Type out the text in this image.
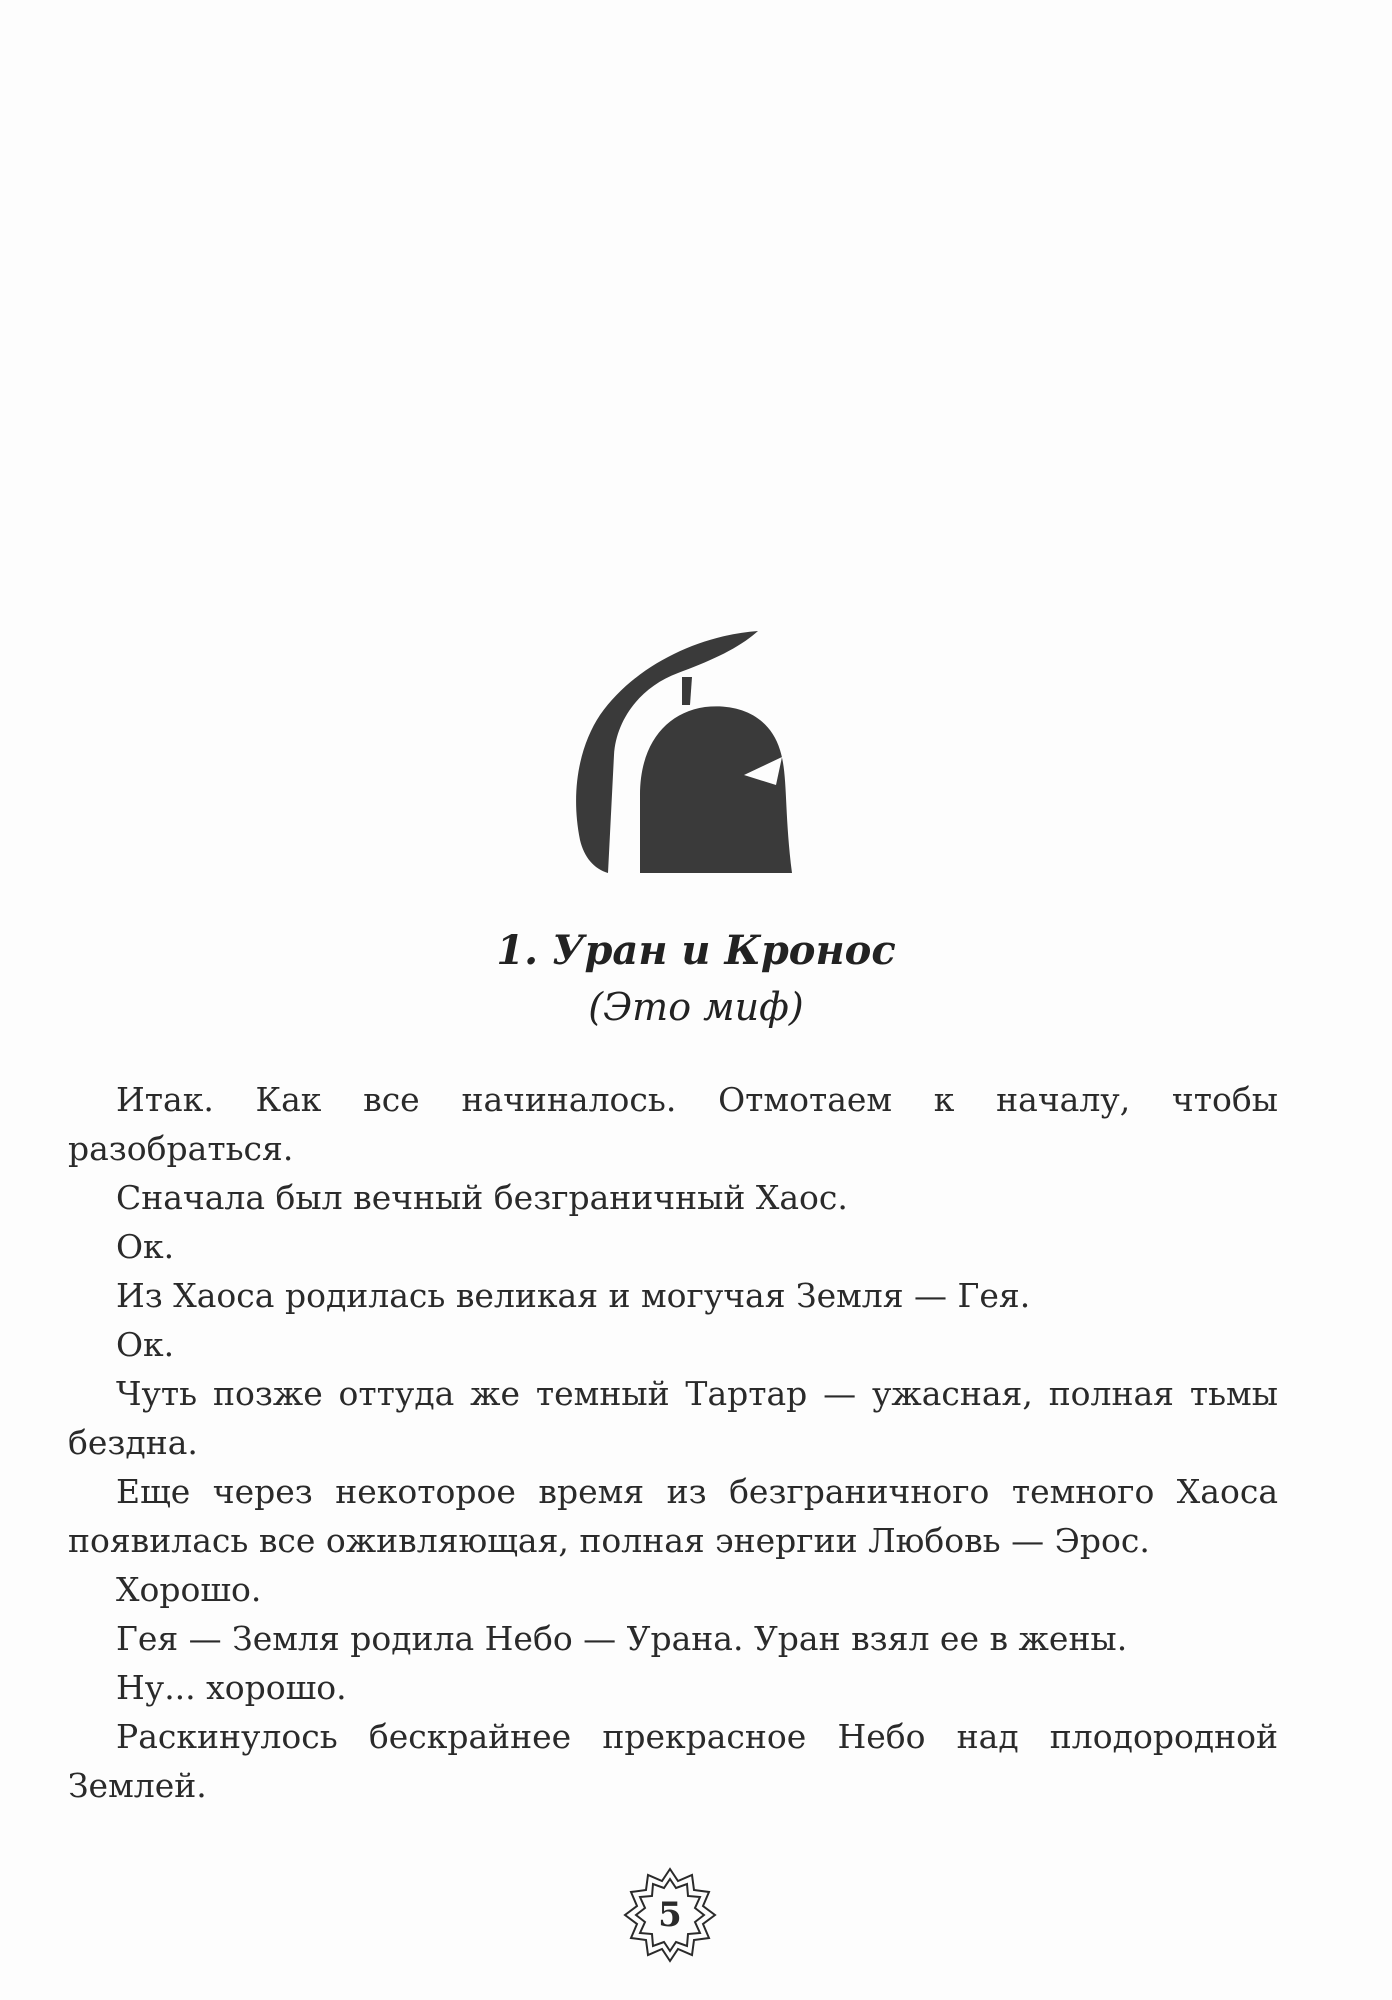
1. Уран и Кронос
(Это миф)

Итак. Как все начиналось. Отмотаем к началу, чтобы разобраться.

Сначала был вечный безграничный Хаос.

Ок.

Из Хаоса родилась великая и могучая Земля — Гея.

Ок.

Чуть позже оттуда же темный Тартар — ужасная, полная тьмы бездна.

Еще через некоторое время из безграничного темного Хаоса появилась все оживляющая, полная энергии Любовь — Эрос.

Хорошо.

Гея — Земля родила Небо — Урана. Уран взял ее в жены.

Ну... хорошо.

Раскинулось бескрайнее прекрасное Небо над плодородной Землей.

5
